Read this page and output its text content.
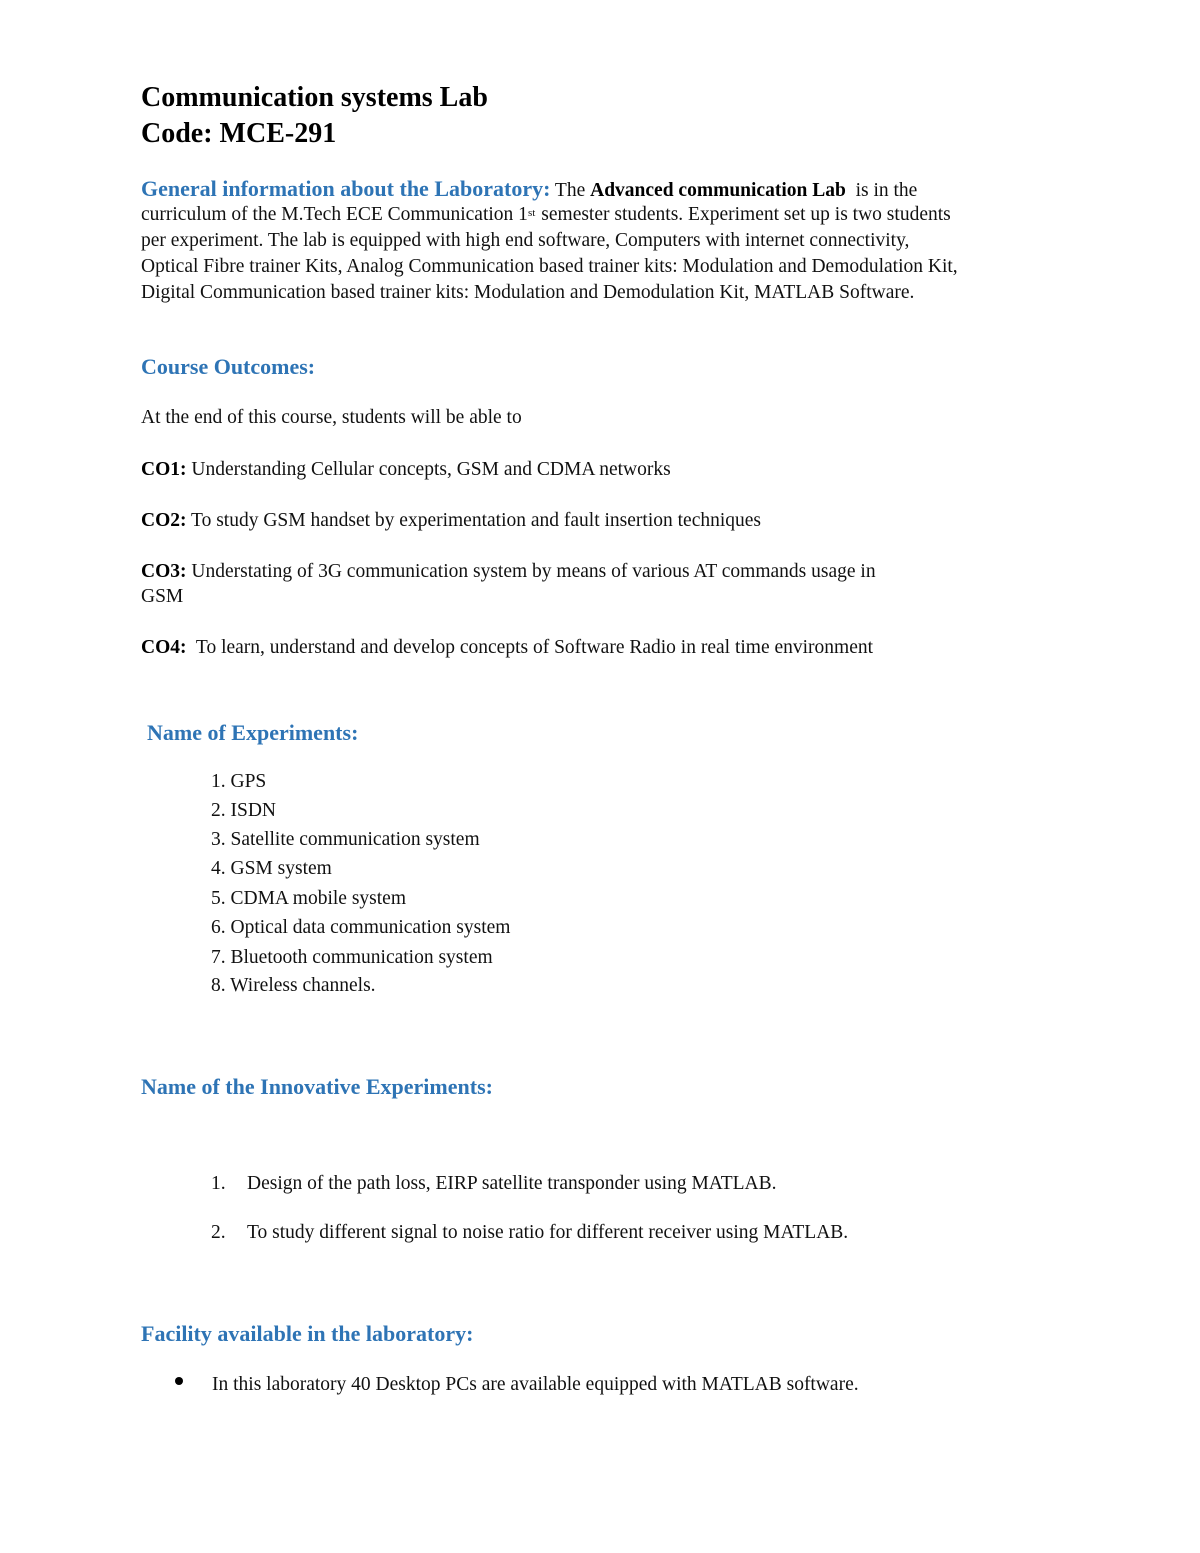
Communication systems Lab
Code: MCE-291
General information about the Laboratory: The Advanced communication Lab  is in the
curriculum of the M.Tech ECE Communication 1st semester students. Experiment set up is two students
per experiment. The lab is equipped with high end software, Computers with internet connectivity,
Optical Fibre trainer Kits, Analog Communication based trainer kits: Modulation and Demodulation Kit,
Digital Communication based trainer kits: Modulation and Demodulation Kit, MATLAB Software.
Course Outcomes:
At the end of this course, students will be able to
CO1: Understanding Cellular concepts, GSM and CDMA networks
CO2: To study GSM handset by experimentation and fault insertion techniques
CO3: Understating of 3G communication system by means of various AT commands usage in
GSM
CO4:  To learn, understand and develop concepts of Software Radio in real time environment
Name of Experiments:
1. GPS
2. ISDN
3. Satellite communication system
4. GSM system
5. CDMA mobile system
6. Optical data communication system
7. Bluetooth communication system
8. Wireless channels.
Name of the Innovative Experiments:
1. Design of the path loss, EIRP satellite transponder using MATLAB.
2. To study different signal to noise ratio for different receiver using MATLAB.
Facility available in the laboratory:
In this laboratory 40 Desktop PCs are available equipped with MATLAB software.
